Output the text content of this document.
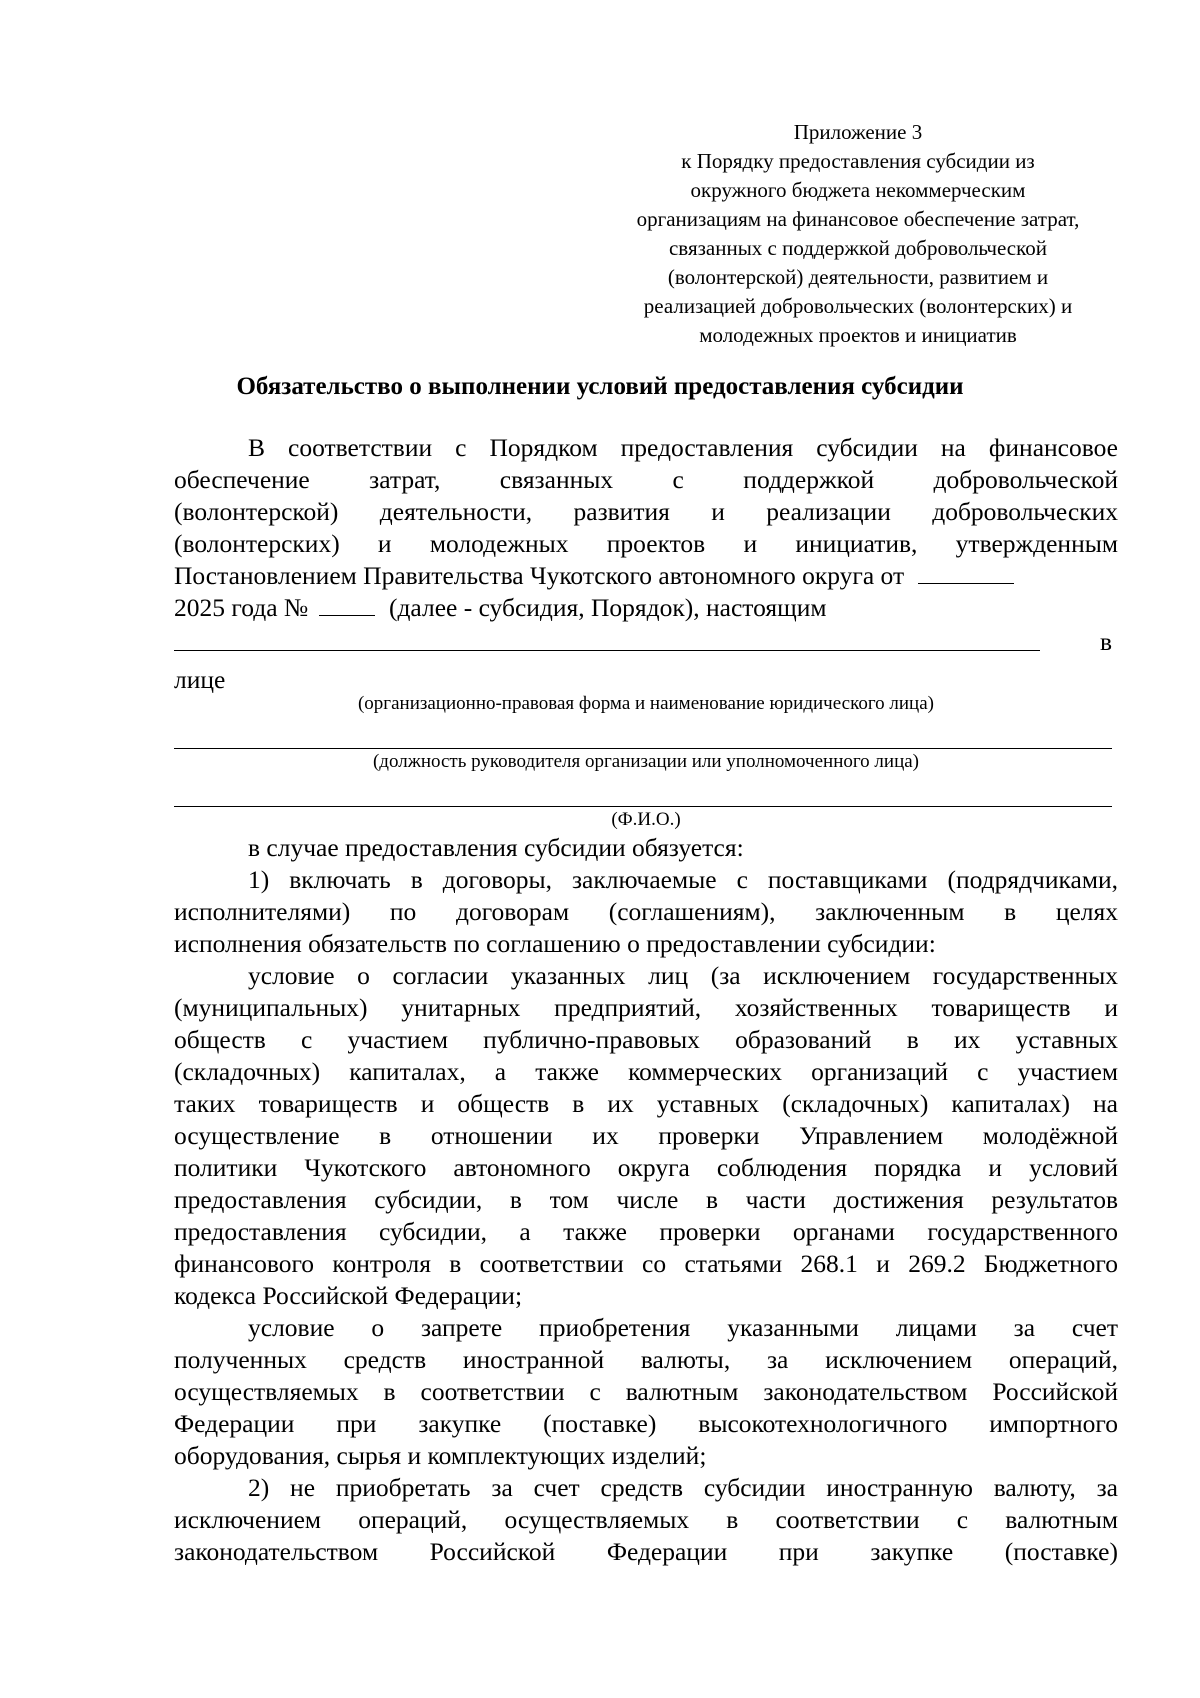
Приложение 3
к Порядку предоставления субсидии из
окружного бюджета некоммерческим
организациям на финансовое обеспечение затрат,
связанных с поддержкой добровольческой
(волонтерской) деятельности, развитием и
реализацией добровольческих (волонтерских) и
молодежных проектов и инициатив
Обязательство о выполнении условий предоставления субсидии
В соответствии с Порядком предоставления субсидии на финансовое
обеспечение затрат, связанных с поддержкой добровольческой
(волонтерской) деятельности, развития и реализации добровольческих
(волонтерских) и молодежных проектов и инициатив, утвержденным
Постановлением Правительства Чукотского автономного округа от
2025 года №	(далее - субсидия, Порядок), настоящим
в
лице
(организационно-правовая форма и наименование юридического лица)
(должность руководителя организации или уполномоченного лица)
(Ф.И.О.)
в случае предоставления субсидии обязуется:
1) включать в договоры, заключаемые с поставщиками (подрядчиками,
исполнителями) по договорам (соглашениям), заключенным в целях
исполнения обязательств по соглашению о предоставлении субсидии:
условие о согласии указанных лиц (за исключением государственных
(муниципальных) унитарных предприятий, хозяйственных товариществ и
обществ с участием публично-правовых образований в их уставных
(складочных) капиталах, а также коммерческих организаций с участием
таких товариществ и обществ в их уставных (складочных) капиталах) на
осуществление в отношении их проверки Управлением молодёжной
политики Чукотского автономного округа соблюдения порядка и условий
предоставления субсидии, в том числе в части достижения результатов
предоставления субсидии, а также проверки органами государственного
финансового контроля в соответствии со статьями 268.1 и 269.2 Бюджетного
кодекса Российской Федерации;
условие о запрете приобретения указанными лицами за счет
полученных средств иностранной валюты, за исключением операций,
осуществляемых в соответствии с валютным законодательством Российской
Федерации при закупке (поставке) высокотехнологичного импортного
оборудования, сырья и комплектующих изделий;
2) не приобретать за счет средств субсидии иностранную валюту, за
исключением операций, осуществляемых в соответствии с валютным
законодательством Российской Федерации при закупке (поставке)
